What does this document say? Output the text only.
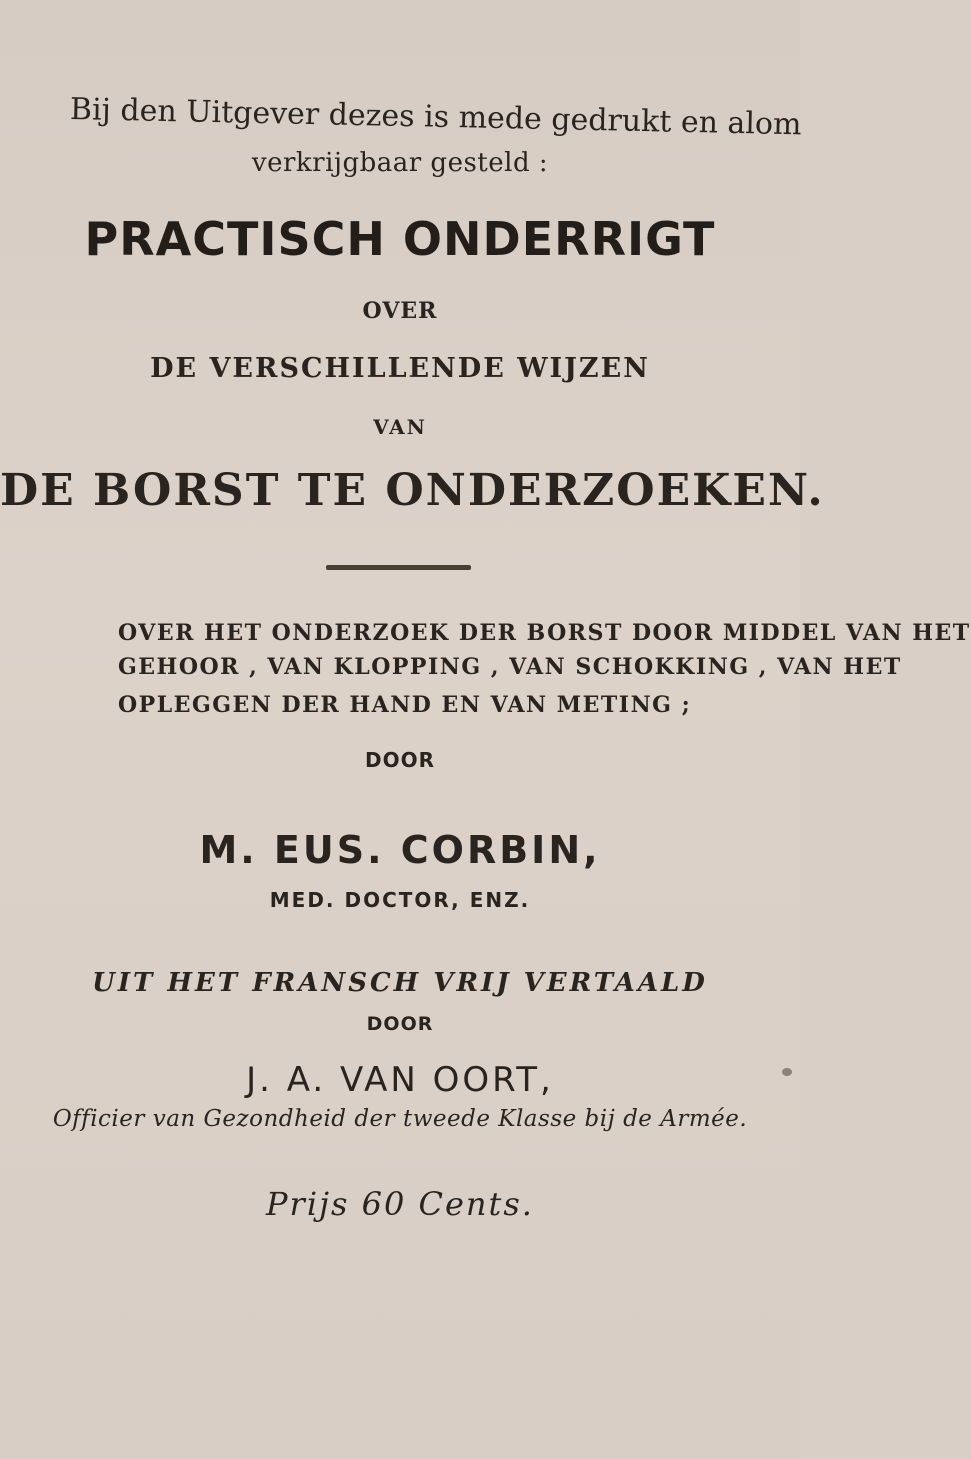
Bij den Uitgever dezes is mede gedrukt en alom
verkrijgbaar gesteld :
PRACTISCH ONDERRIGT
OVER
DE VERSCHILLENDE WIJZEN
VAN
DE BORST TE ONDERZOEKEN.
OVER HET ONDERZOEK DER BORST DOOR MIDDEL VAN HET
GEHOOR , VAN KLOPPING , VAN SCHOKKING , VAN HET
OPLEGGEN DER HAND EN VAN METING ;
DOOR
M. EUS. CORBIN,
MED. DOCTOR, ENZ.
UIT HET FRANSCH VRIJ VERTAALD
DOOR
J. A. VAN OORT,
Officier van Gezondheid der tweede Klasse bij de Armée.
Prijs 60 Cents.
